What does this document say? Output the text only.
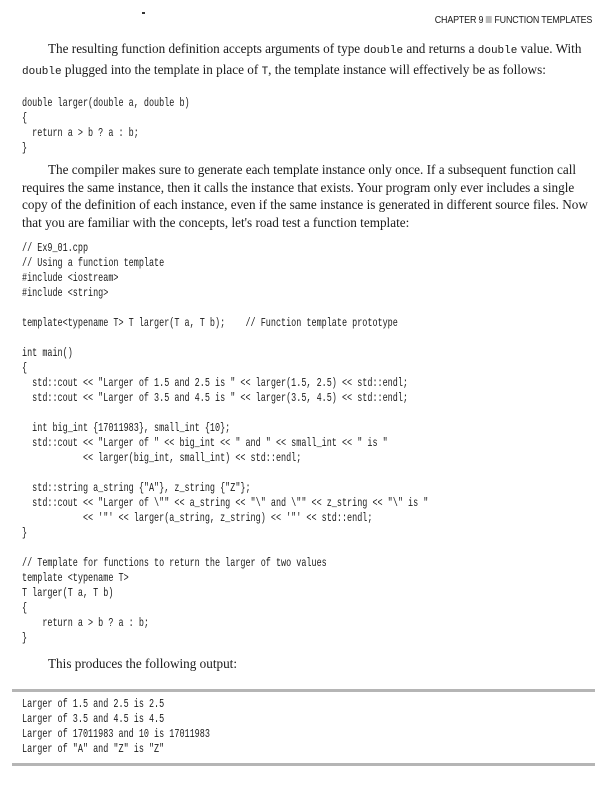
CHAPTER 9 FUNCTION TEMPLATES
The resulting function definition accepts arguments of type double and returns a double value. With
double plugged into the template in place of T, the template instance will effectively be as follows:
double larger(double a, double b)
{
return a > b ? a : b;
}
The compiler makes sure to generate each template instance only once. If a subsequent function call
requires the same instance, then it calls the instance that exists. Your program only ever includes a single
copy of the definition of each instance, even if the same instance is generated in different source files. Now
that you are familiar with the concepts, let's road test a function template:
// Ex9_01.cpp
// Using a function template
#include <iostream>
#include <string>
template<typename T> T larger(T a, T b);    // Function template prototype
int main()
{
std::cout << "Larger of 1.5 and 2.5 is " << larger(1.5, 2.5) << std::endl;
std::cout << "Larger of 3.5 and 4.5 is " << larger(3.5, 4.5) << std::endl;
int big_int {17011983}, small_int {10};
std::cout << "Larger of " << big_int << " and " << small_int << " is "
<< larger(big_int, small_int) << std::endl;
std::string a_string {"A"}, z_string {"Z"};
std::cout << "Larger of \"" << a_string << "\" and \"" << z_string << "\" is "
<< '"' << larger(a_string, z_string) << '"' << std::endl;
}
// Template for functions to return the larger of two values
template <typename T>
T larger(T a, T b)
{
return a > b ? a : b;
}
This produces the following output:
Larger of 1.5 and 2.5 is 2.5
Larger of 3.5 and 4.5 is 4.5
Larger of 17011983 and 10 is 17011983
Larger of "A" and "Z" is "Z"
